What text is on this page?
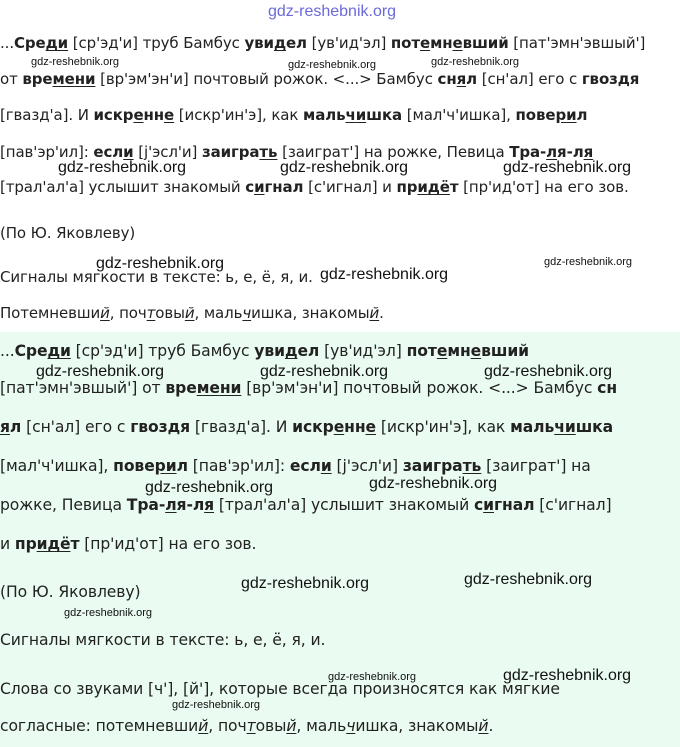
...Среди [ср'эд'и] труб Бамбус увидел [ув'ид'эл] потемневший [пат'эмн'эвшый']
от времени [вр'эм'эн'и] почтовый рожок. <...> Бамбус снял [сн'ал] его с гвоздя
[гвазд'а]. И искренне [искр'ин'э], как мальчишка [мал'ч'ишка], поверил
[пав'эр'ил]: если [j'эсл'и] заиграть [заиграт'] на рожке, Певица Тра-ля-ля
[трал'ал'а] услышит знакомый сигнал [с'игнал] и придёт [пр'ид'от] на его зов.
(По Ю. Яковлеву)
Сигналы мягкости в тексте: ь, е, ё, я, и.
Потемневший, почтовый, мальчишка, знакомый.
...Среди [ср'эд'и] труб Бамбус увидел [ув'ид'эл] потемневший
[пат'эмн'эвшый'] от времени [вр'эм'эн'и] почтовый рожок. <...> Бамбус сн
ял [сн'ал] его с гвоздя [гвазд'а]. И искренне [искр'ин'э], как мальчишка
[мал'ч'ишка], поверил [пав'эр'ил]: если [j'эсл'и] заиграть [заиграт'] на
рожке, Певица Тра-ля-ля [трал'ал'а] услышит знакомый сигнал [с'игнал]
и придёт [пр'ид'от] на его зов.
(По Ю. Яковлеву)
Сигналы мягкости в тексте: ь, е, ё, я, и.
Слова со звуками [ч'], [й'], которые всегда произносятся как мягкие
согласные: потемневший, почтовый, мальчишка, знакомый.
gdz-reshebnik.org
gdz-reshebnik.org	gdz-reshebnik.org	gdz-reshebnik.org
gdz-reshebnik.org	gdz-reshebnik.org	gdz-reshebnik.org
gdz-reshebnik.org
gdz-reshebnik.org
gdz-reshebnik.org
gdz-reshebnik.org	gdz-reshebnik.org	gdz-reshebnik.org
gdz-reshebnik.org	gdz-reshebnik.org
gdz-reshebnik.org	gdz-reshebnik.org
gdz-reshebnik.org
gdz-reshebnik.org	gdz-reshebnik.org
gdz-reshebnik.org
